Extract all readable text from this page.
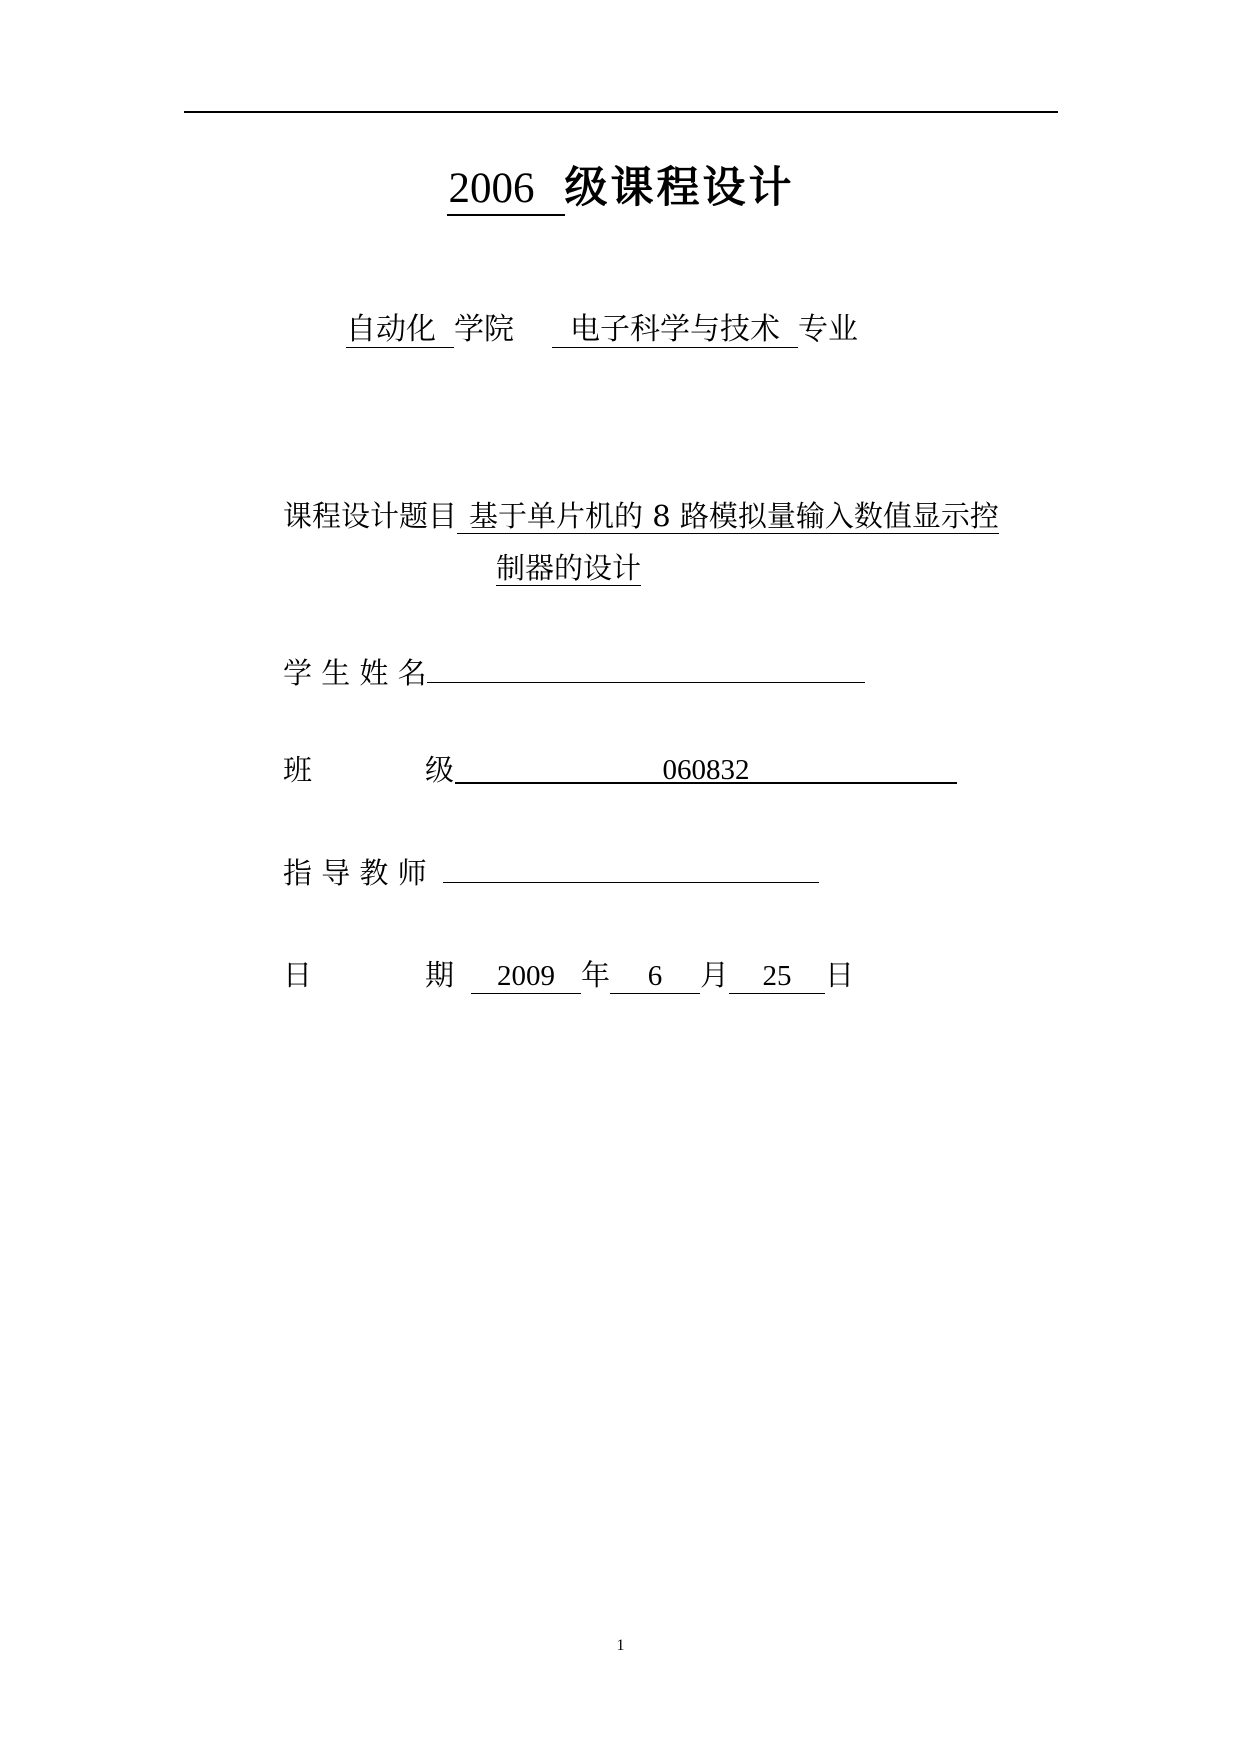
2006 级课程设计
自动化 学院 电子科学与技术 专业
课程设计题目 基于单片机的 8 路模拟量输入数值显示控
制器的设计
学 生 姓 名
班	级	060832
指 导 教 师
日	期	2009 年 6 月 25 日
1
